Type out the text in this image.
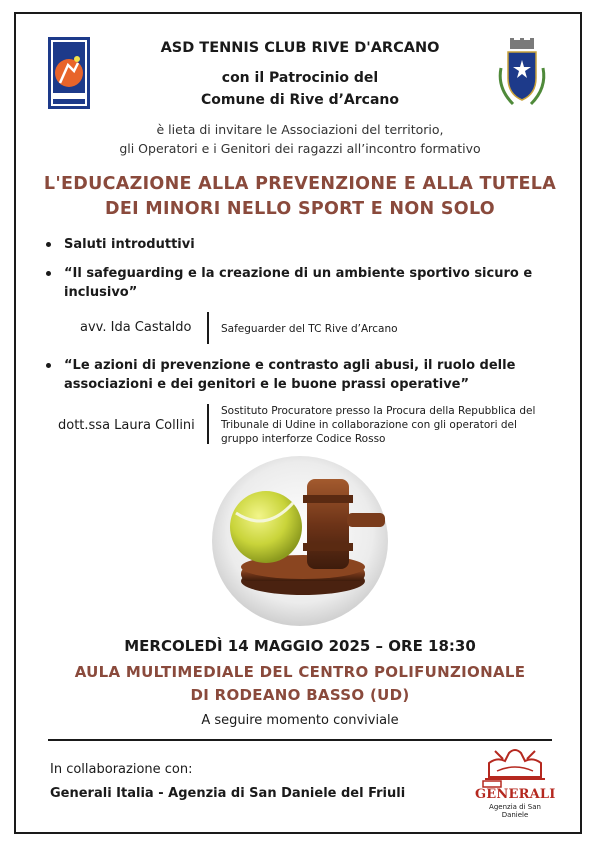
ASD TENNIS CLUB RIVE D'ARCANO
con il Patrocinio del
Comune di Rive d’Arcano
è lieta di invitare le Associazioni del territorio,
gli Operatori e i Genitori dei ragazzi all’incontro formativo
L'EDUCAZIONE ALLA PREVENZIONE E ALLA TUTELA
DEI MINORI NELLO SPORT E NON SOLO
Saluti introduttivi
“Il safeguarding e la creazione di un ambiente sportivo sicuro e
inclusivo”
avv. Ida Castaldo	Safeguarder del TC Rive d’Arcano
“Le azioni di prevenzione e contrasto agli abusi, il ruolo delle
associazioni e dei genitori e le buone prassi operative”
dott.ssa Laura Collini
Sostituto Procuratore presso la Procura della Repubblica del
Tribunale di Udine in collaborazione con gli operatori del
gruppo interforze Codice Rosso
MERCOLEDÌ 14 MAGGIO 2025 – ORE 18:30
AULA MULTIMEDIALE DEL CENTRO POLIFUNZIONALE
DI RODEANO BASSO (UD)
A seguire momento conviviale
In collaborazione con:
Generali Italia - Agenzia di San Daniele del Friuli	GENERALI
Agenzia di San Daniele
